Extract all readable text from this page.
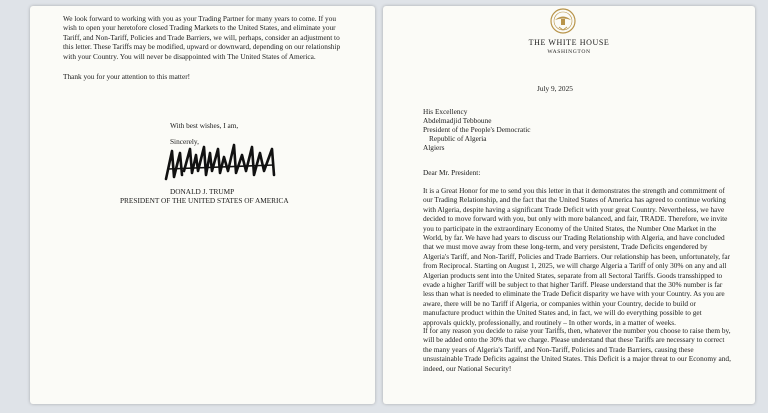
We look forward to working with you as your Trading Partner for many years to come. If you wish to open your heretofore closed Trading Markets to the United States, and eliminate your Tariff, and Non-Tariff, Policies and Trade Barriers, we will, perhaps, consider an adjustment to this letter. These Tariffs may be modified, upward or downward, depending on our relationship with your Country. You will never be disappointed with The United States of America.

Thank you for your attention to this matter!

With best wishes, I am,

Sincerely,

DONALD J. TRUMP

PRESIDENT OF THE UNITED STATES OF AMERICA

THE WHITE HOUSE

WASHINGTON

July 9, 2025

His Excellency

Abdelmadjid Tebboune

President of the People's Democratic

Republic of Algeria

Algiers

Dear Mr. President:

It is a Great Honor for me to send you this letter in that it demonstrates the strength and commitment of our Trading Relationship, and the fact that the United States of America has agreed to continue working with Algeria, despite having a significant Trade Deficit with your great Country. Nevertheless, we have decided to move forward with you, but only with more balanced, and fair, TRADE. Therefore, we invite you to participate in the extraordinary Economy of the United States, the Number One Market in the World, by far. We have had years to discuss our Trading Relationship with Algeria, and have concluded that we must move away from these long-term, and very persistent, Trade Deficits engendered by Algeria's Tariff, and Non-Tariff, Policies and Trade Barriers. Our relationship has been, unfortunately, far from Reciprocal. Starting on August 1, 2025, we will charge Algeria a Tariff of only 30% on any and all Algerian products sent into the United States, separate from all Sectoral Tariffs. Goods transshipped to evade a higher Tariff will be subject to that higher Tariff. Please understand that the 30% number is far less than what is needed to eliminate the Trade Deficit disparity we have with your Country. As you are aware, there will be no Tariff if Algeria, or companies within your Country, decide to build or manufacture product within the United States and, in fact, we will do everything possible to get approvals quickly, professionally, and routinely – In other words, in a matter of weeks.

If for any reason you decide to raise your Tariffs, then, whatever the number you choose to raise them by, will be added onto the 30% that we charge. Please understand that these Tariffs are necessary to correct the many years of Algeria's Tariff, and Non-Tariff, Policies and Trade Barriers, causing these unsustainable Trade Deficits against the United States. This Deficit is a major threat to our Economy and, indeed, our National Security!
